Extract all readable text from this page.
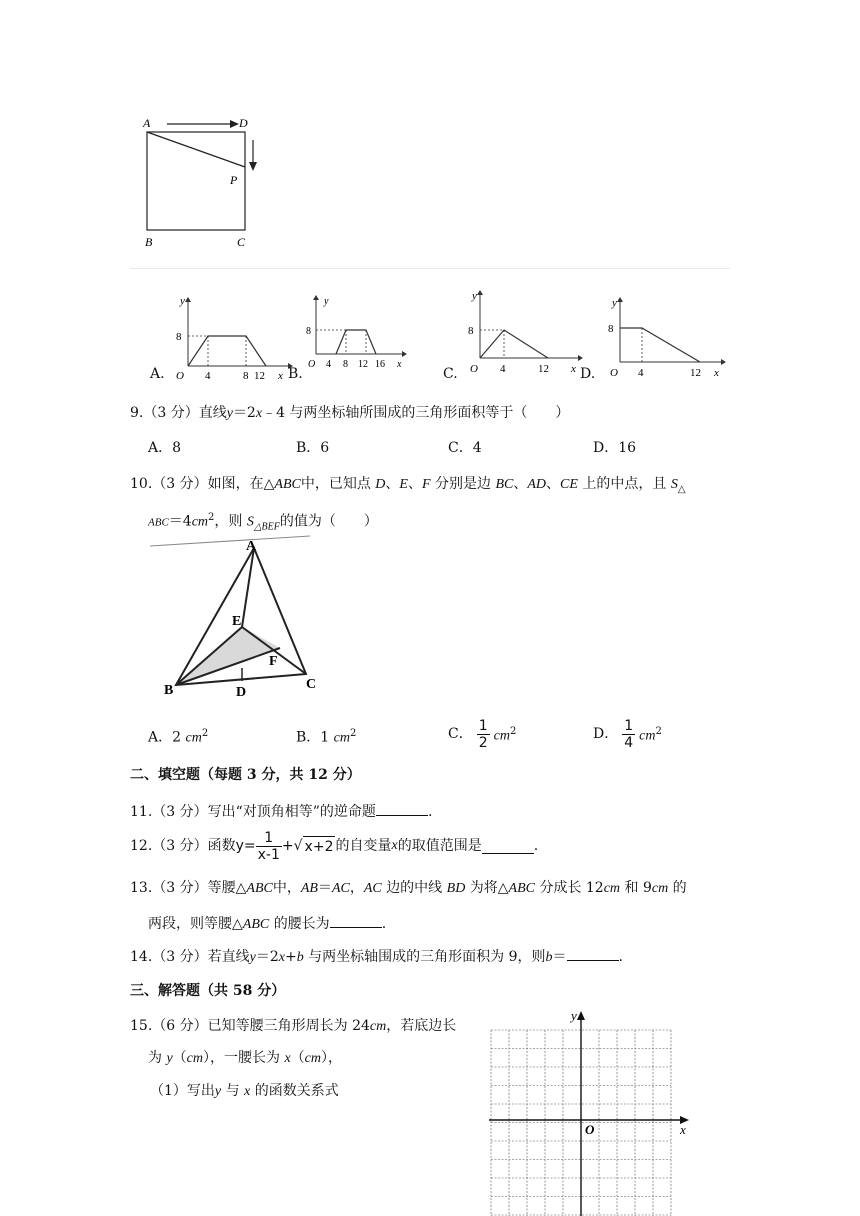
A	D
P
B	C
A.
y
8
O 4	8 12 x B.
y
8
O 4 8 12 16 x
C.
y
8
O 4	12 x D.
y
8
O 4	12 x
9.（3 分）直线y＝2x﹣4 与两坐标轴所围成的三角形面积等于（　　）
A．8	B．6	C．4	D．16
10.（3 分）如图，在△ABC中，已知点 D、E、F 分别是边 BC、AD、CE 上的中点，且 $S_\triangle$
$ABC=4cm^2$，则 $S_{\triangle BEF}$的值为（　　）
A
E
F
B	D
C
A．2 $cm^2$	B．1 $cm^2$	C． $\frac{1}{2} cm^2$	D． $\frac{1}{4} cm^2$
二、填空题（每题 3 分，共 12 分）
11.（3 分）写出“对顶角相等”的逆命题	.
12. （3 分）函数 $y= \frac{1}{x-1}$ + √ x+2 的自变量 x 的取值范围是	.
13.（3 分）等腰△ABC中，AB＝AC，AC 边的中线 BD 为将△ABC 分成长 12cm 和 9cm 的
两段，则等腰△ABC 的腰长为	.
14.（3 分）若直线y＝2x+b 与两坐标轴围成的三角形面积为 9，则b＝	.
三、解答题（共 58 分）
15.（6 分）已知等腰三角形周长为 24cm，若底边长
为 y（cm），一腰长为 x（cm），
（1）写出y 与 x 的函数关系式
y
x
O
